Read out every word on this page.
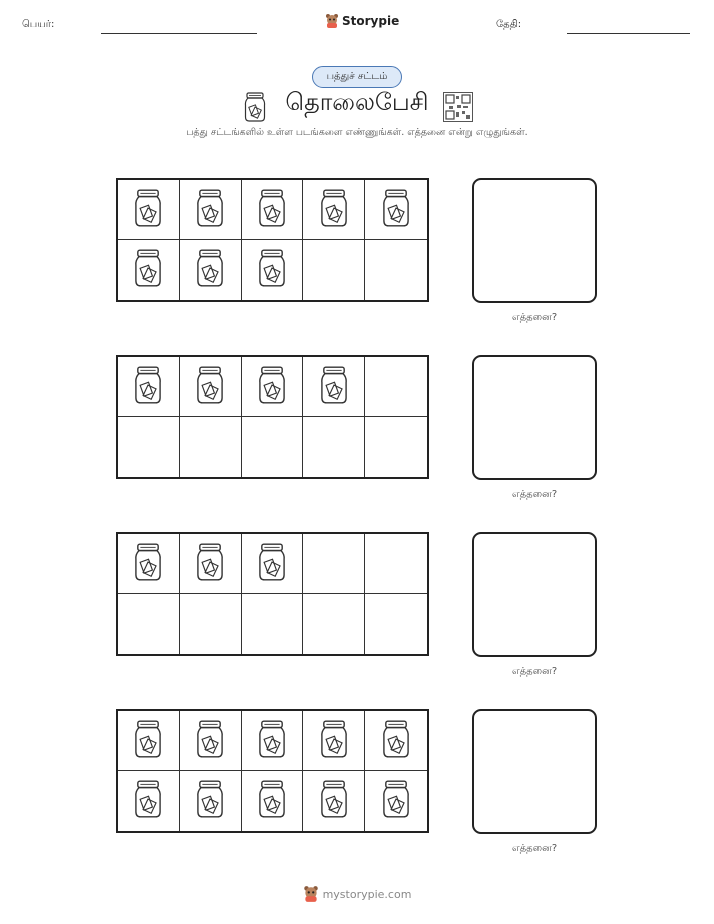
பெயர்:	Storypie	தேதி:
பத்துச் சட்டம்
தொலைபேசி
பத்து சட்டங்களில் உள்ள படங்களை எண்ணுங்கள். எத்தனை என்று எழுதுங்கள்.
எத்தனை?
எத்தனை?
எத்தனை?
எத்தனை?
mystorypie.com
